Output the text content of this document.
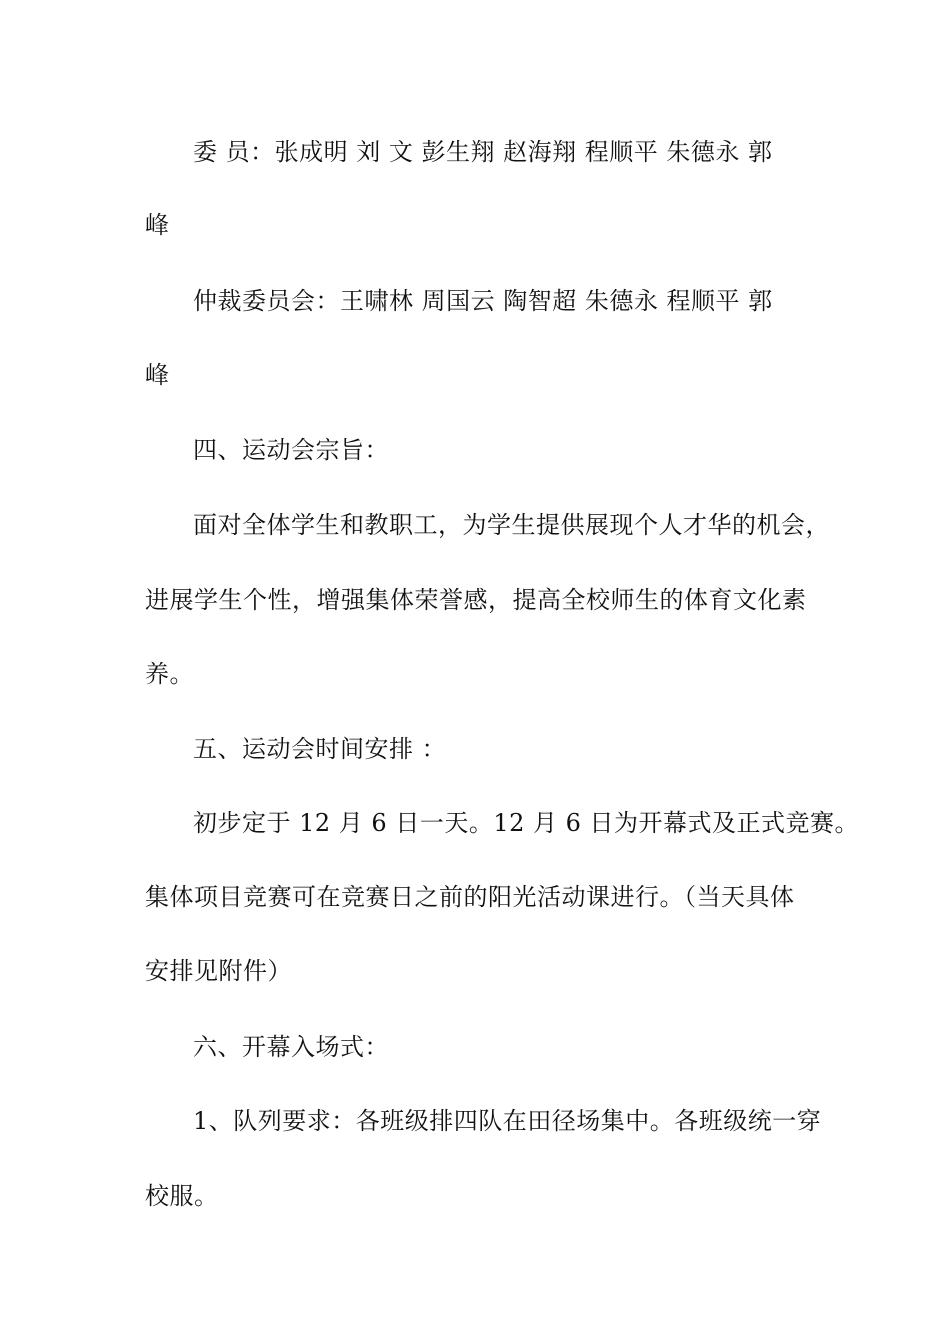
委 员：张成明 刘 文 彭生翔 赵海翔 程顺平 朱德永 郭
峰
仲裁委员会：王啸林 周国云 陶智超 朱德永 程顺平 郭
峰
四、运动会宗旨：
面对全体学生和教职工，为学生提供展现个人才华的机会，
进展学生个性，增强集体荣誉感，提高全校师生的体育文化素
养。
五、运动会时间安排 ：
初步定于 12 月 6 日一天。12 月 6 日为开幕式及正式竞赛。
集体项目竞赛可在竞赛日之前的阳光活动课进行。（当天具体
安排见附件）
六、开幕入场式：
1、队列要求：各班级排四队在田径场集中。各班级统一穿
校服。
